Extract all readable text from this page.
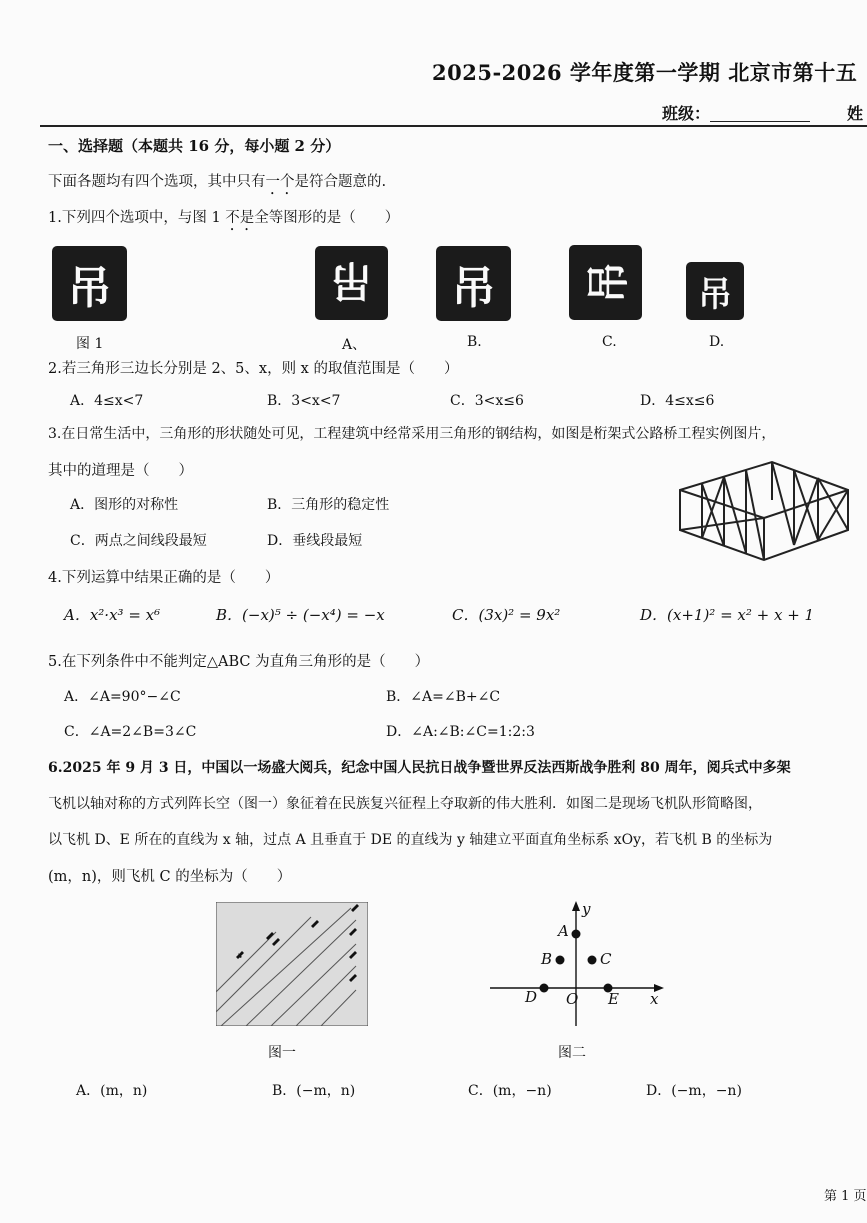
2025-2026 学年度第一学期 北京市第十五
班级：	姓
一、选择题（本题共 16 分，每小题 2 分）
下面各题均有四个选项，其中只有一个是符合题意的.
1.下列四个选项中，与图 1 不是全等图形的是（　　）
吊	吊 吊 吊 吊
图 1	A、	B.	C.	D.
2.若三角形三边长分别是 2、5、x，则 x 的取值范围是（　　）
A．4≤x<7	B．3<x<7	C．3<x≤6	D．4≤x≤6
3.在日常生活中，三角形的形状随处可见，工程建筑中经常采用三角形的钢结构，如图是桁架式公路桥工程实例图片，
其中的道理是（　　）
A．图形的对称性	B．三角形的稳定性
C．两点之间线段最短	D．垂线段最短
4.下列运算中结果正确的是（　　）
A．x²·x³ = x⁶	B．(−x)⁵ ÷ (−x⁴) = −x	C．(3x)² = 9x²	D．(x+1)² = x² + x + 1
5.在下列条件中不能判定△ABC 为直角三角形的是（　　）
A．∠A=90°−∠C	B．∠A=∠B+∠C
C．∠A=2∠B=3∠C	D．∠A:∠B:∠C=1:2:3
6.2025 年 9 月 3 日，中国以一场盛大阅兵，纪念中国人民抗日战争暨世界反法西斯战争胜利 80 周年，阅兵式中多架
飞机以轴对称的方式列阵长空（图一）象征着在民族复兴征程上夺取新的伟大胜利．如图二是现场飞机队形简略图，
以飞机 D、E 所在的直线为 x 轴，过点 A 且垂直于 DE 的直线为 y 轴建立平面直角坐标系 xOy，若飞机 B 的坐标为
(m，n)，则飞机 C 的坐标为（　　）
图一
y
x
A
B	C
D	E
O
图二
A．(m，n)	B．(−m，n)	C．(m，−n)	D．(−m，−n)
第 1 页
